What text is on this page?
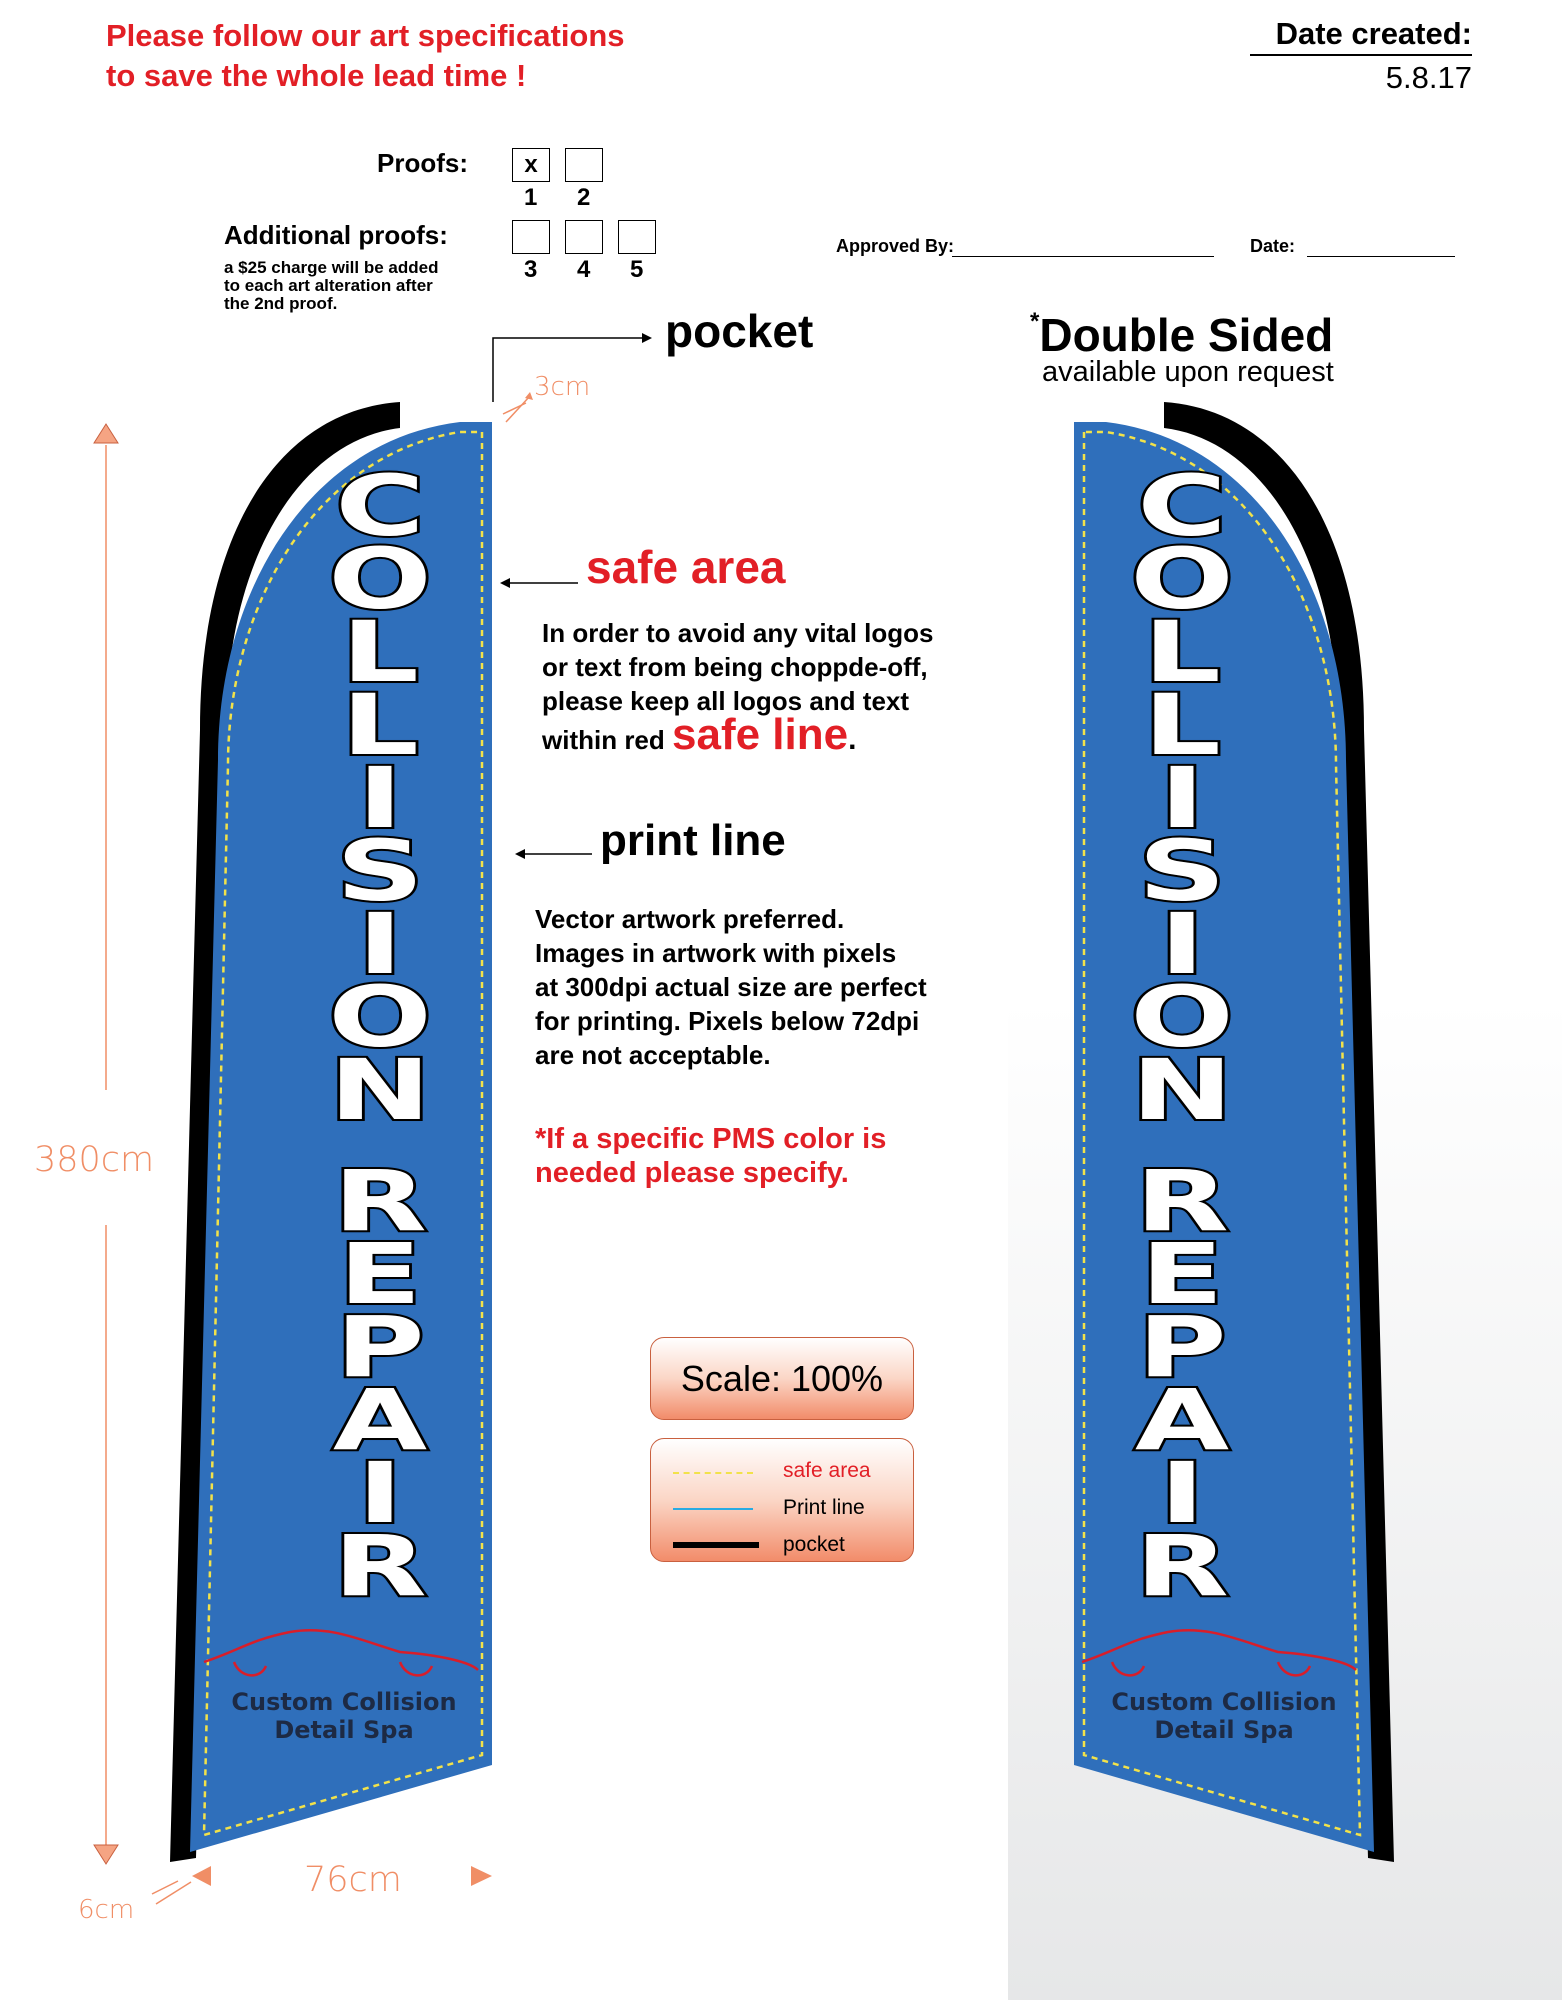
Please follow our art specifications
to save the whole lead time !
Date created:
5.8.17
Proofs:	x
1 2
Additional proofs:
3 4 5
a $25 charge will be added
to each art alteration after
the 2nd proof.
Approved By:	Date:
pocket
3cm
*Double Sided
available upon request
safe area
In order to avoid any vital logos
or text from being choppde-off,
please keep all logos and text
within red safe line.
print line
Vector artwork preferred.
Images in artwork with pixels
at 300dpi actual size are perfect
for printing. Pixels below 72dpi
are not acceptable.
*If a specific PMS color is
needed please specify.
Scale: 100%
safe area
Print line
pocket
380cm
76cm
6cm
Custom Collision
Detail Spa
C
O
L
L
I
S
I
O
N
R
E
P
A
I
R
Custom Collision
Detail Spa
C
O
L
L
I
S
I
O
N
R
E
P
A
I
R
